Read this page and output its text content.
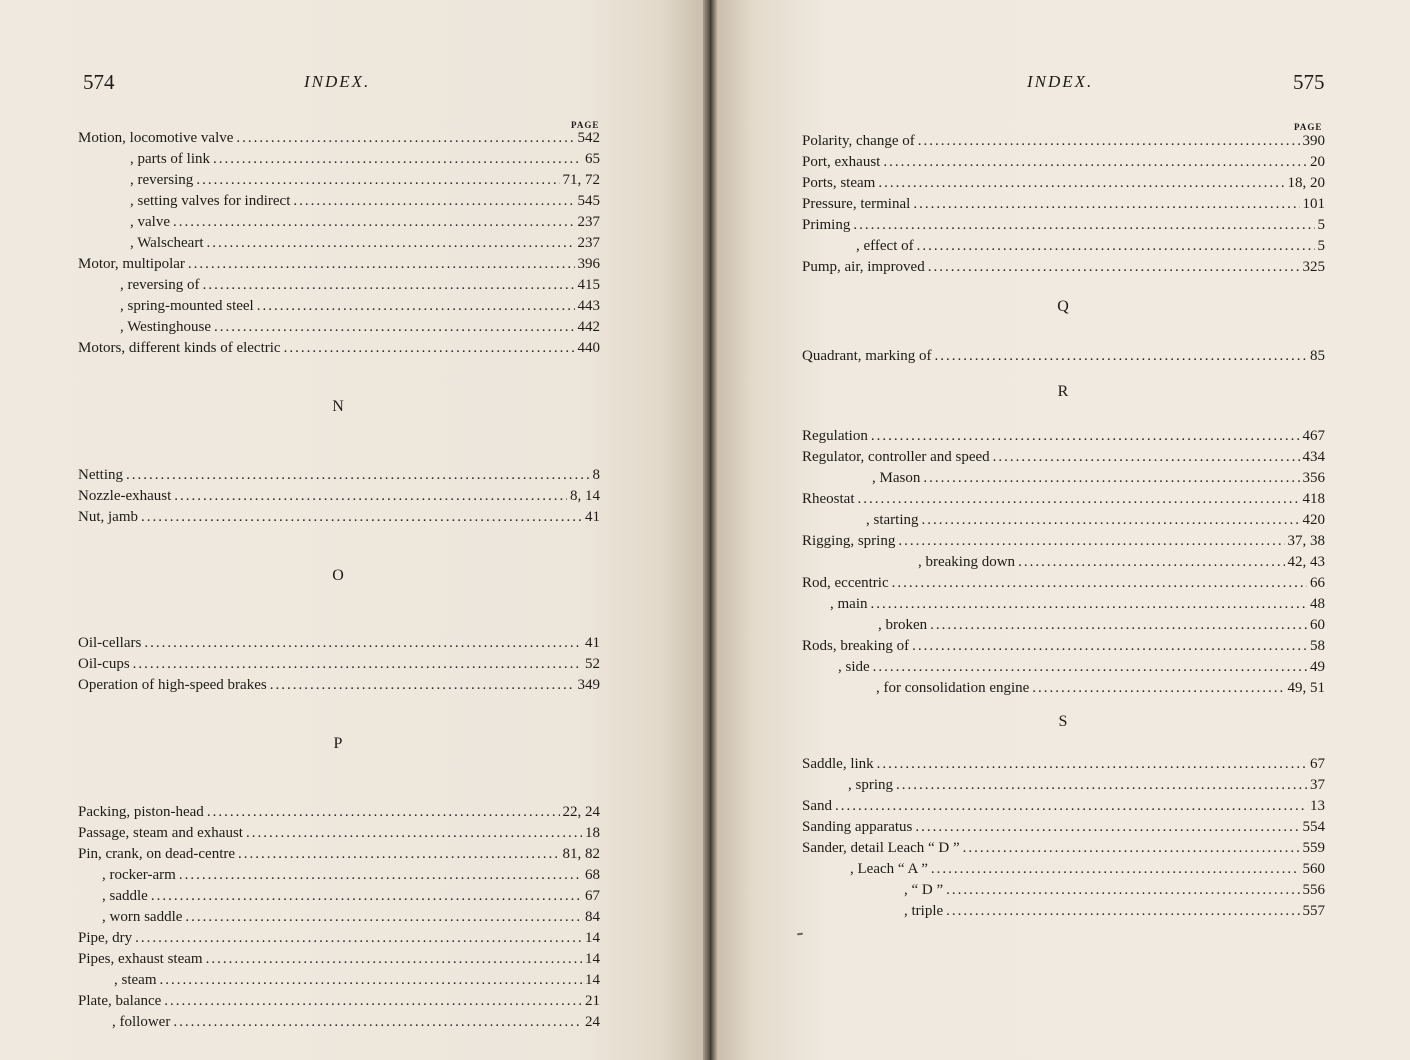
574	INDEX.
PAGE
Motion, locomotive valve .....	542
, parts of link .....	65
, reversing .....	71, 72
, setting valves for indirect .....	545
, valve .....	237
, Walscheart .....	237
Motor, multipolar .....	396
, reversing of .....	415
, spring-mounted steel .....	443
, Westinghouse .....	442
Motors, different kinds of electric .....	440
N
Netting .....	8
Nozzle-exhaust .....	8, 14
Nut, jamb .....	41
O
Oil-cellars .....	41
Oil-cups .....	52
Operation of high-speed brakes .....	349
P
Packing, piston-head .....	22, 24
Passage, steam and exhaust .....	18
Pin, crank, on dead-centre .....	81, 82
, rocker-arm .....	68
, saddle .....	67
, worn saddle .....	84
Pipe, dry .....	14
Pipes, exhaust steam .....	14
, steam .....	14
Plate, balance .....	21
, follower .....	24
INDEX.	575
PAGE
Polarity, change of .....	390
Port, exhaust .....	20
Ports, steam .....	18, 20
Pressure, terminal .....	101
Priming .....	5
, effect of .....	5
Pump, air, improved .....	325
Q
Quadrant, marking of .....	85
R
Regulation .....	467
Regulator, controller and speed .....	434
, Mason .....	356
Rheostat .....	418
, starting .....	420
Rigging, spring .....	37, 38
, breaking down .....	42, 43
Rod, eccentric .....	66
, main .....	48
, broken .....	60
Rods, breaking of .....	58
, side .....	49
, for consolidation engine .....	49, 51
S
Saddle, link .....	67
, spring .....	37
Sand .....	13
Sanding apparatus .....	554
Sander, detail Leach “ D ” .....	559
, Leach “ A ” .....	560
, “ D ” .....	556
, triple .....	557
